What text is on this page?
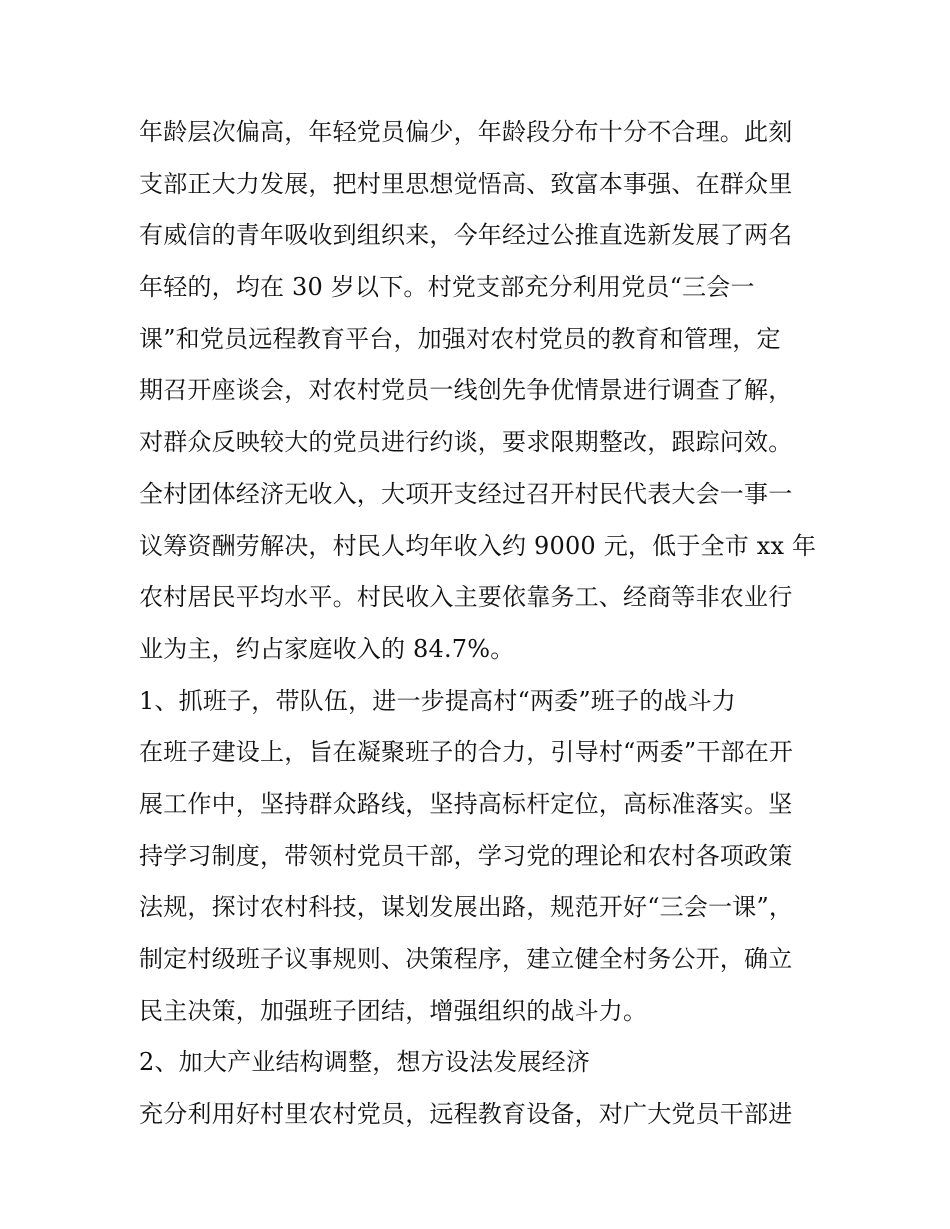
年龄层次偏高，年轻党员偏少，年龄段分布十分不合理。此刻
支部正大力发展，把村里思想觉悟高、致富本事强、在群众里
有威信的青年吸收到组织来，今年经过公推直选新发展了两名
年轻的，均在 30 岁以下。村党支部充分利用党员“三会一
课”和党员远程教育平台，加强对农村党员的教育和管理，定
期召开座谈会，对农村党员一线创先争优情景进行调查了解，
对群众反映较大的党员进行约谈，要求限期整改，跟踪问效。
全村团体经济无收入，大项开支经过召开村民代表大会一事一
议筹资酬劳解决，村民人均年收入约 9000 元，低于全市 xx 年
农村居民平均水平。村民收入主要依靠务工、经商等非农业行
业为主，约占家庭收入的 84.7%。
1、抓班子，带队伍，进一步提高村“两委”班子的战斗力
在班子建设上，旨在凝聚班子的合力，引导村“两委”干部在开
展工作中，坚持群众路线，坚持高标杆定位，高标准落实。坚
持学习制度，带领村党员干部，学习党的理论和农村各项政策
法规，探讨农村科技，谋划发展出路，规范开好“三会一课”，
制定村级班子议事规则、决策程序，建立健全村务公开，确立
民主决策，加强班子团结，增强组织的战斗力。
2、加大产业结构调整，想方设法发展经济
充分利用好村里农村党员，远程教育设备，对广大党员干部进
